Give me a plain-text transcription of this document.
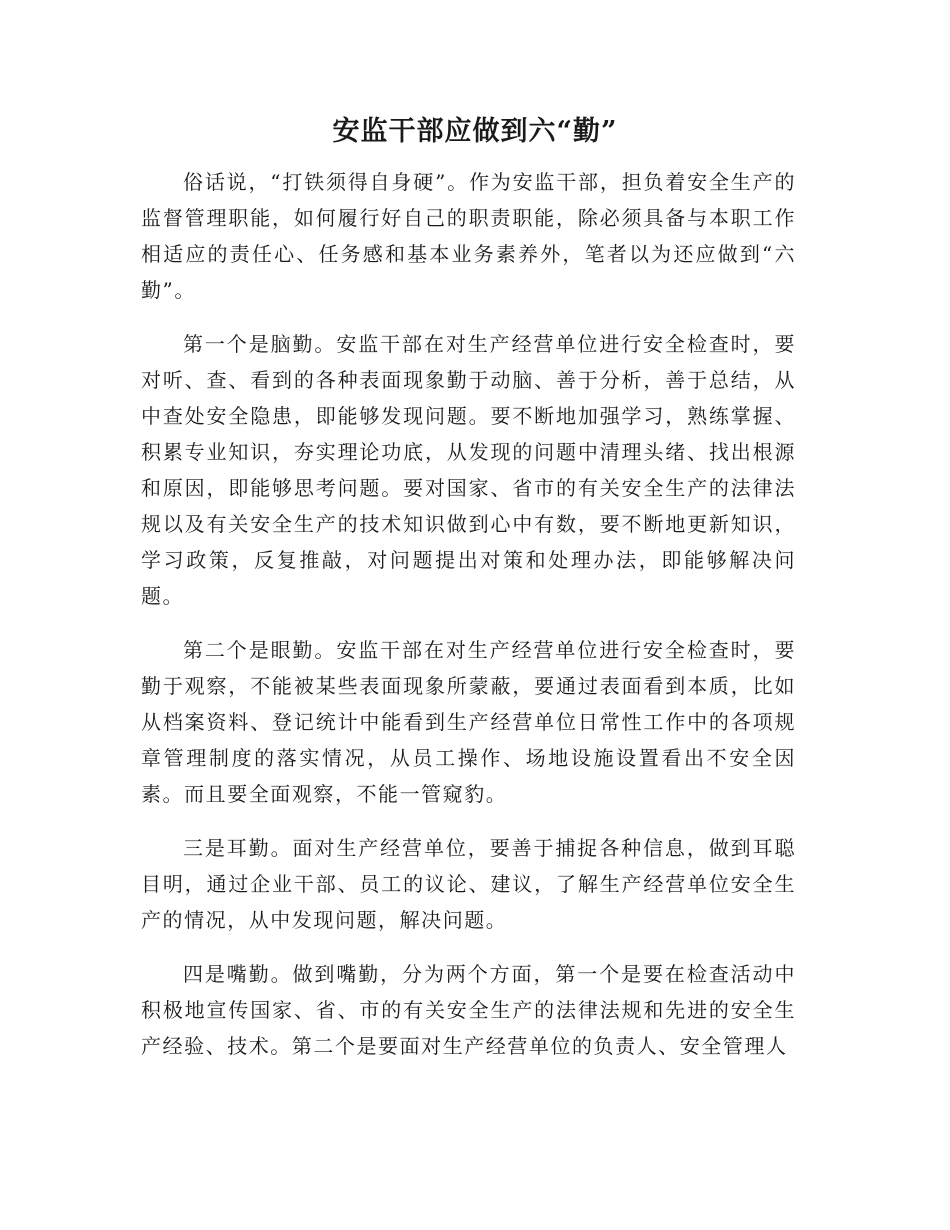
安监干部应做到六“勤”

俗话说，“打铁须得自身硬”。作为安监干部，担负着安全生产的监督管理职能，如何履行好自己的职责职能，除必须具备与本职工作相适应的责任心、任务感和基本业务素养外，笔者以为还应做到“六勤”。

第一个是脑勤。安监干部在对生产经营单位进行安全检查时，要对听、查、看到的各种表面现象勤于动脑、善于分析，善于总结，从中查处安全隐患，即能够发现问题。要不断地加强学习，熟练掌握、积累专业知识，夯实理论功底，从发现的问题中清理头绪、找出根源和原因，即能够思考问题。要对国家、省市的有关安全生产的法律法规以及有关安全生产的技术知识做到心中有数，要不断地更新知识，学习政策，反复推敲，对问题提出对策和处理办法，即能够解决问题。

第二个是眼勤。安监干部在对生产经营单位进行安全检查时，要勤于观察，不能被某些表面现象所蒙蔽，要通过表面看到本质，比如从档案资料、登记统计中能看到生产经营单位日常性工作中的各项规章管理制度的落实情况，从员工操作、场地设施设置看出不安全因素。而且要全面观察，不能一管窥豹。

三是耳勤。面对生产经营单位，要善于捕捉各种信息，做到耳聪目明，通过企业干部、员工的议论、建议，了解生产经营单位安全生产的情况，从中发现问题，解决问题。

四是嘴勤。做到嘴勤，分为两个方面，第一个是要在检查活动中积极地宣传国家、省、市的有关安全生产的法律法规和先进的安全生产经验、技术。第二个是要面对生产经营单位的负责人、安全管理人
